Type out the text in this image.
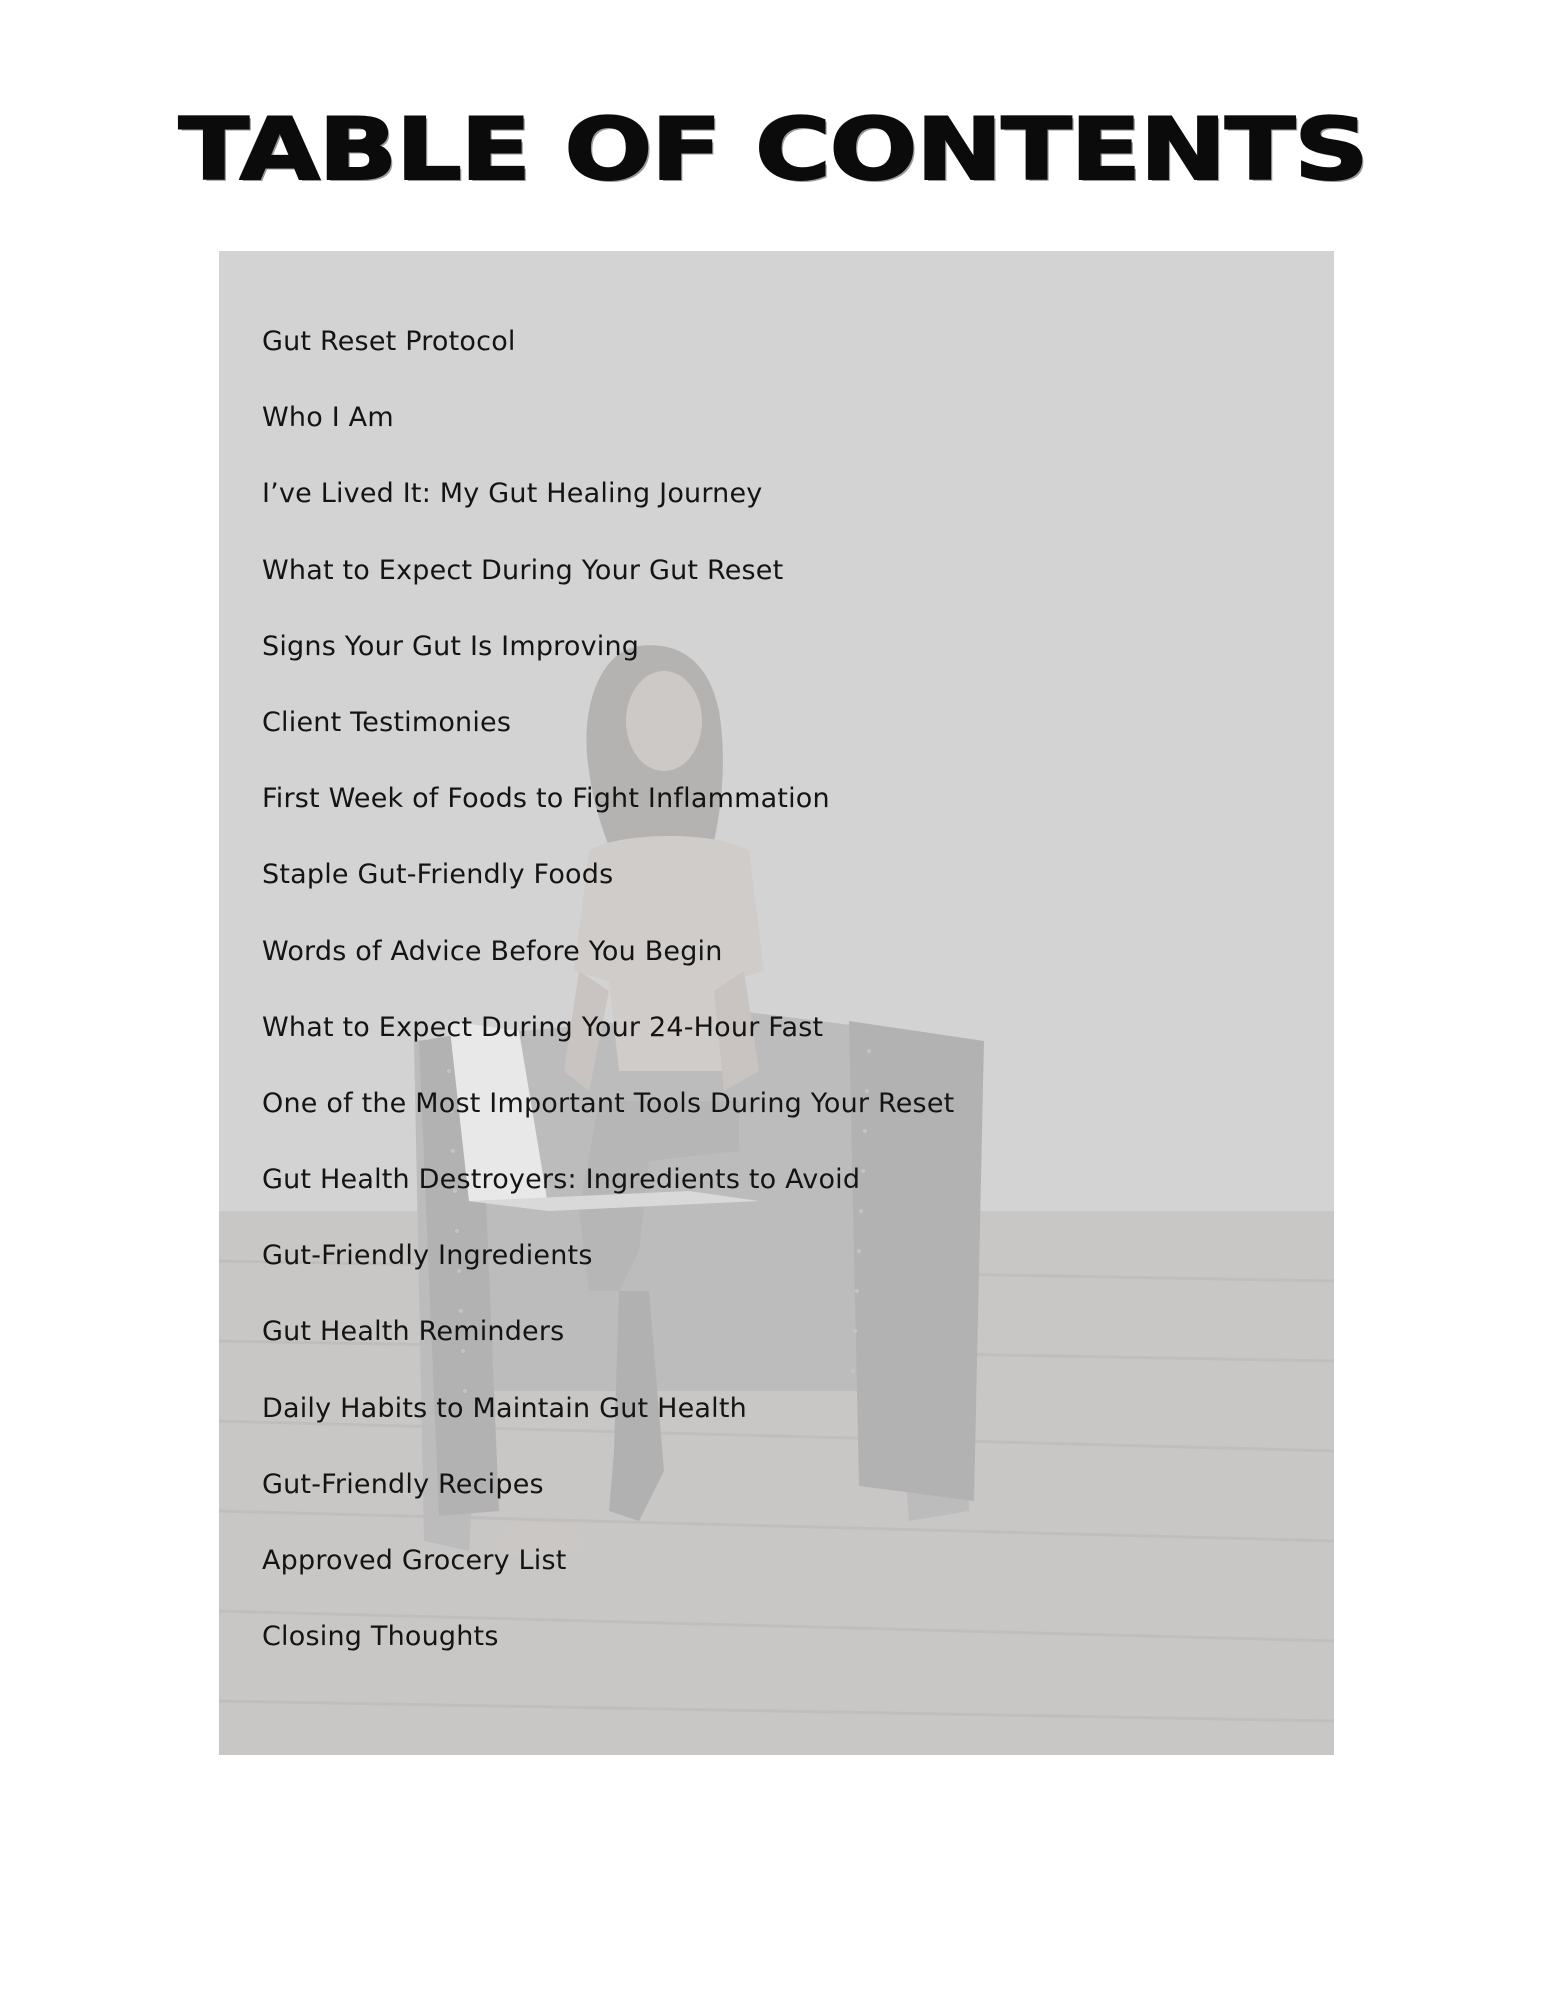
TABLE OF CONTENTS
Gut Reset Protocol
Who I Am
I’ve Lived It: My Gut Healing Journey
What to Expect During Your Gut Reset
Signs Your Gut Is Improving
Client Testimonies
First Week of Foods to Fight Inflammation
Staple Gut-Friendly Foods
Words of Advice Before You Begin
What to Expect During Your 24-Hour Fast
One of the Most Important Tools During Your Reset
Gut Health Destroyers: Ingredients to Avoid
Gut-Friendly Ingredients
Gut Health Reminders
Daily Habits to Maintain Gut Health
Gut-Friendly Recipes
Approved Grocery List
Closing Thoughts
